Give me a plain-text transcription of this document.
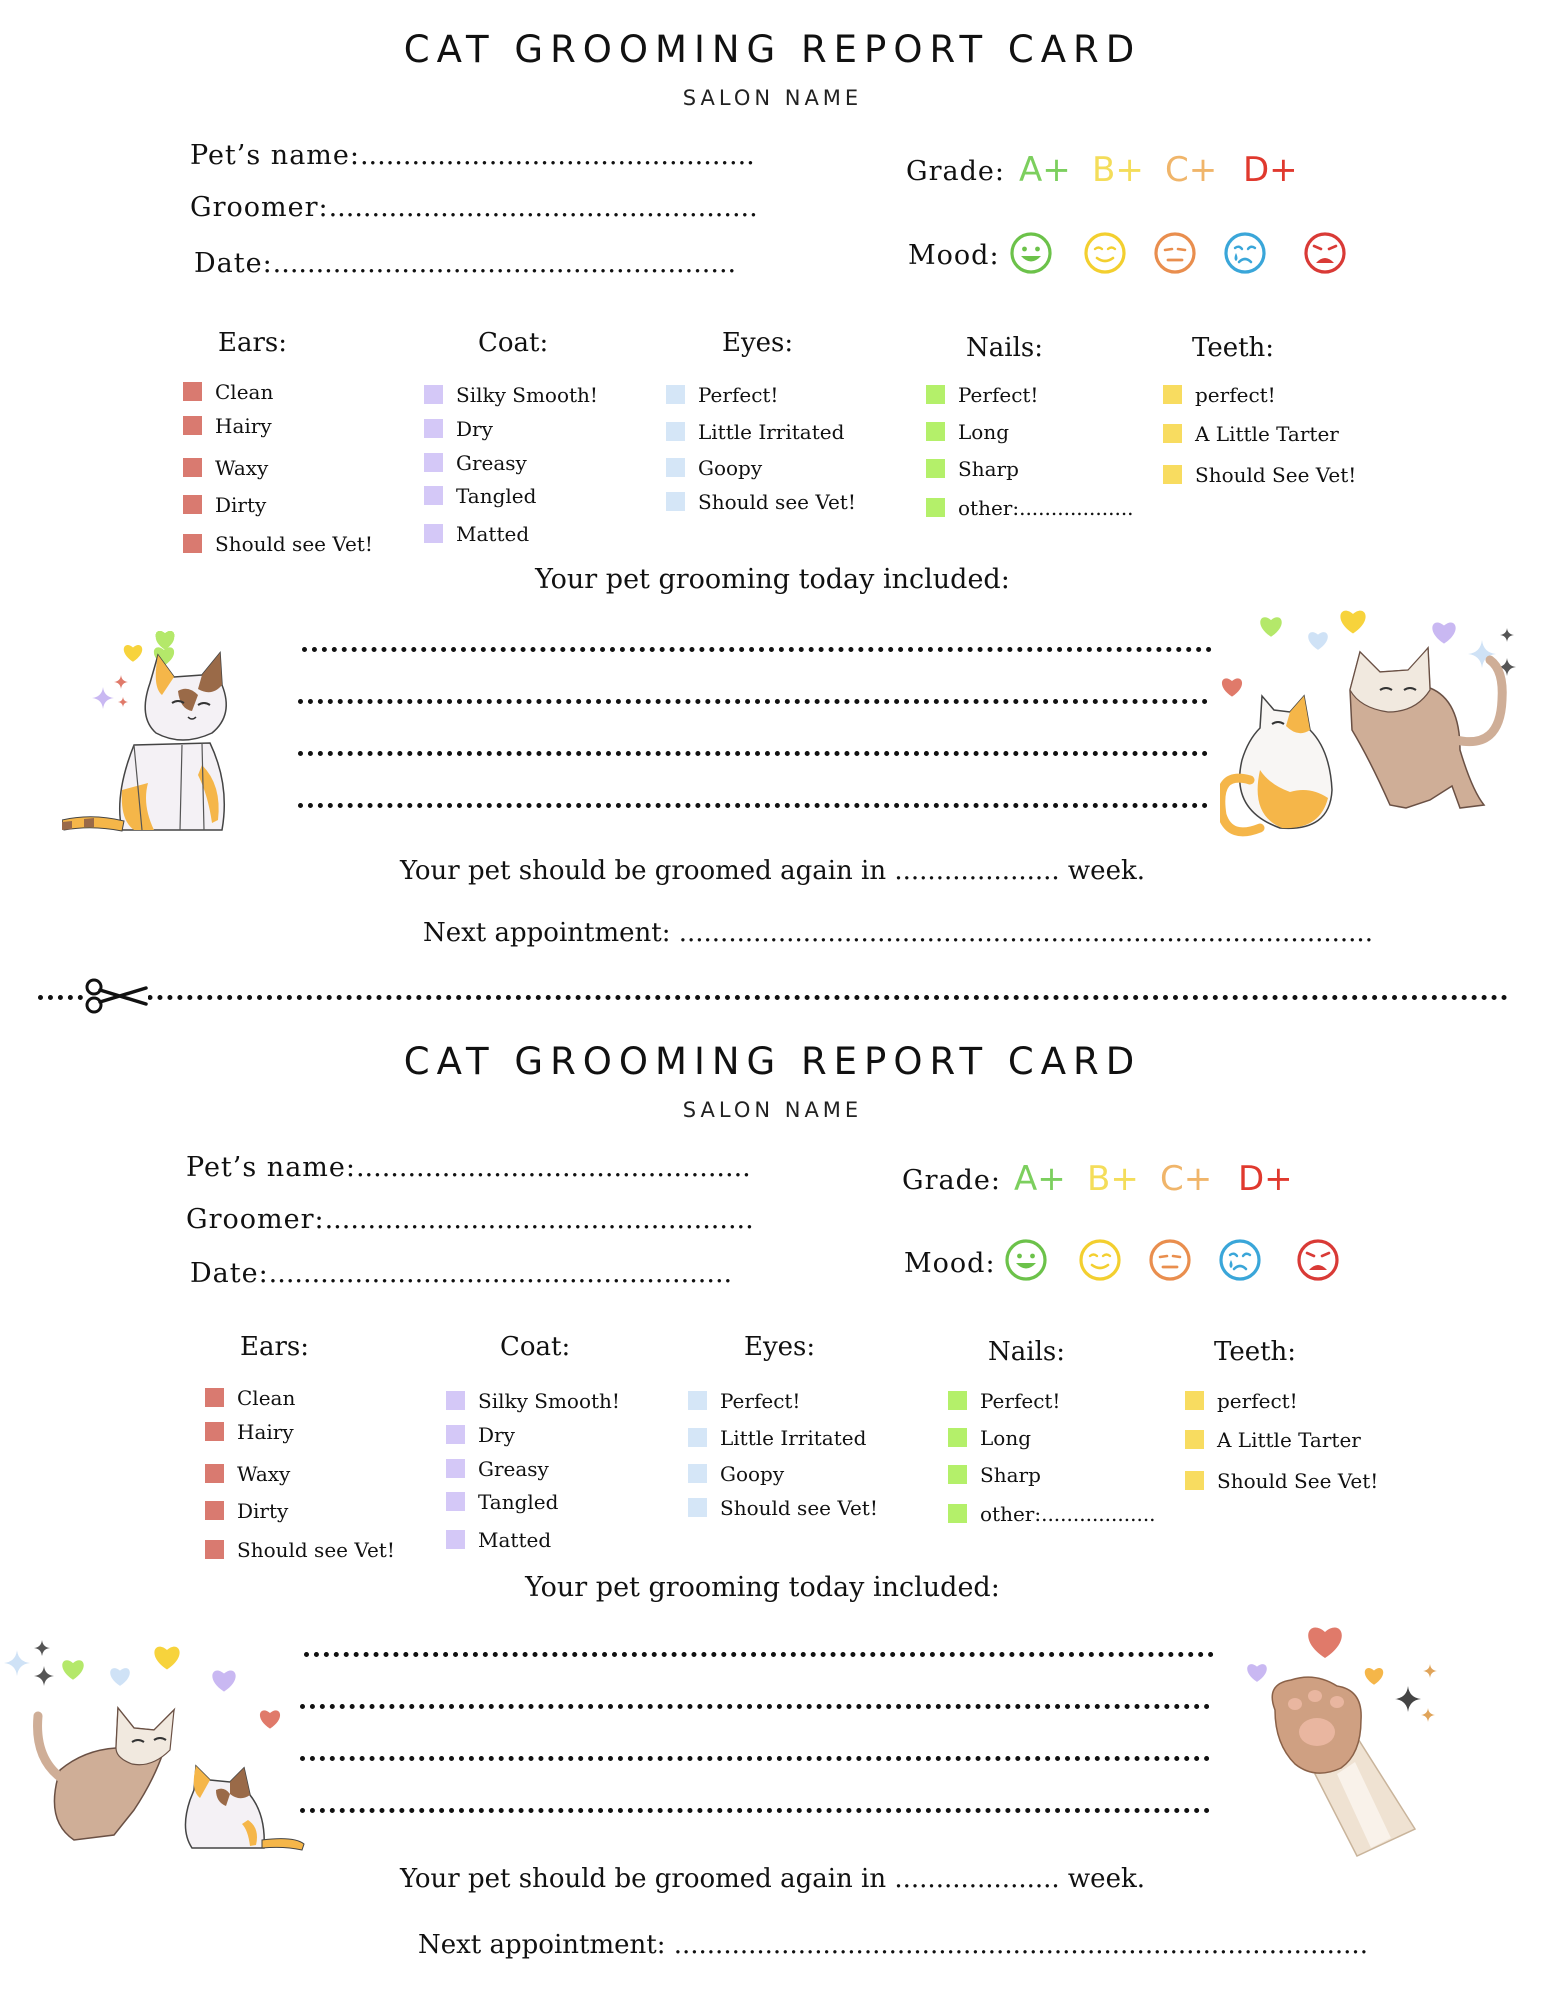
CAT GROOMING REPORT CARD
SALON NAME
Pet’s name:..............................................
Groomer:..................................................
Date:......................................................
Grade: A+ B+ C+ D+
Mood:
Ears:
Clean
Hairy
Waxy
Dirty
Should see Vet!
Coat:
Silky Smooth!
Dry
Greasy
Tangled
Matted
Eyes:
Perfect!
Little Irritated
Goopy
Should see Vet!
Nails:
Perfect!
Long
Sharp
other:..................
Teeth:
perfect!
A Little Tarter
Should See Vet!
Your pet grooming today included:
Your pet should be groomed again in .................... week.
Next appointment: ....................................................................................
CAT GROOMING REPORT CARD
SALON NAME
Pet’s name:..............................................
Groomer:..................................................
Date:......................................................
Grade: A+ B+ C+ D+
Mood:
Ears:
Clean
Hairy
Waxy
Dirty
Should see Vet!
Coat:
Silky Smooth!
Dry
Greasy
Tangled
Matted
Eyes:
Perfect!
Little Irritated
Goopy
Should see Vet!
Nails:
Perfect!
Long
Sharp
other:..................
Teeth:
perfect!
A Little Tarter
Should See Vet!
Your pet grooming today included:
Your pet should be groomed again in .................... week.
Next appointment: ....................................................................................
